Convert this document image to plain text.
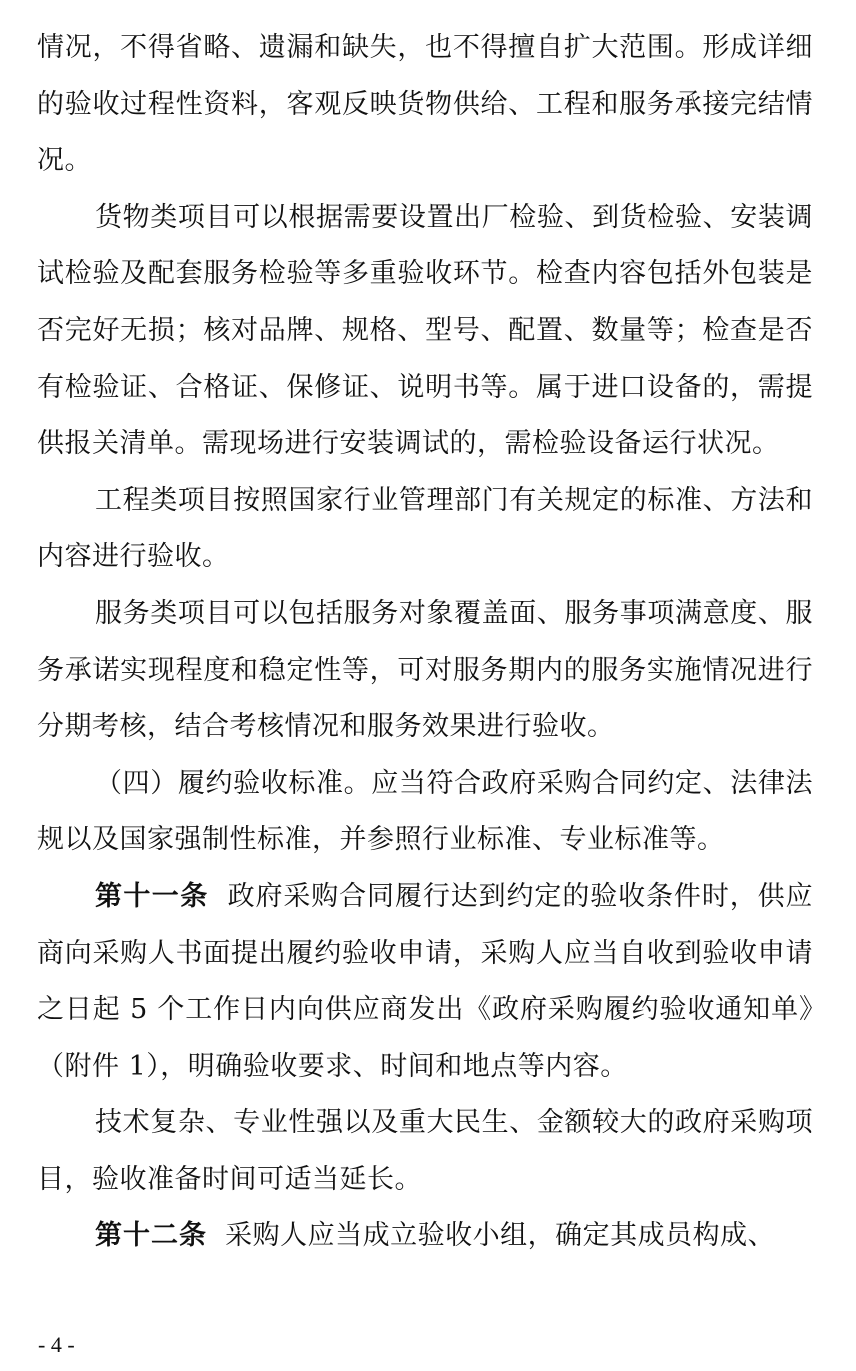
情况，不得省略、遗漏和缺失，也不得擅自扩大范围。形成详细的验收过程性资料，客观反映货物供给、工程和服务承接完结情况。

货物类项目可以根据需要设置出厂检验、到货检验、安装调试检验及配套服务检验等多重验收环节。检查内容包括外包装是否完好无损；核对品牌、规格、型号、配置、数量等；检查是否有检验证、合格证、保修证、说明书等。属于进口设备的，需提供报关清单。需现场进行安装调试的，需检验设备运行状况。

工程类项目按照国家行业管理部门有关规定的标准、方法和内容进行验收。

服务类项目可以包括服务对象覆盖面、服务事项满意度、服务承诺实现程度和稳定性等，可对服务期内的服务实施情况进行分期考核，结合考核情况和服务效果进行验收。

（四）履约验收标准。应当符合政府采购合同约定、法律法规以及国家强制性标准，并参照行业标准、专业标准等。

第十一条 政府采购合同履行达到约定的验收条件时，供应商向采购人书面提出履约验收申请，采购人应当自收到验收申请之日起 5 个工作日内向供应商发出《政府采购履约验收通知单》（附件 1），明确验收要求、时间和地点等内容。

技术复杂、专业性强以及重大民生、金额较大的政府采购项目，验收准备时间可适当延长。

第十二条 采购人应当成立验收小组，确定其成员构成、

- 4 -
